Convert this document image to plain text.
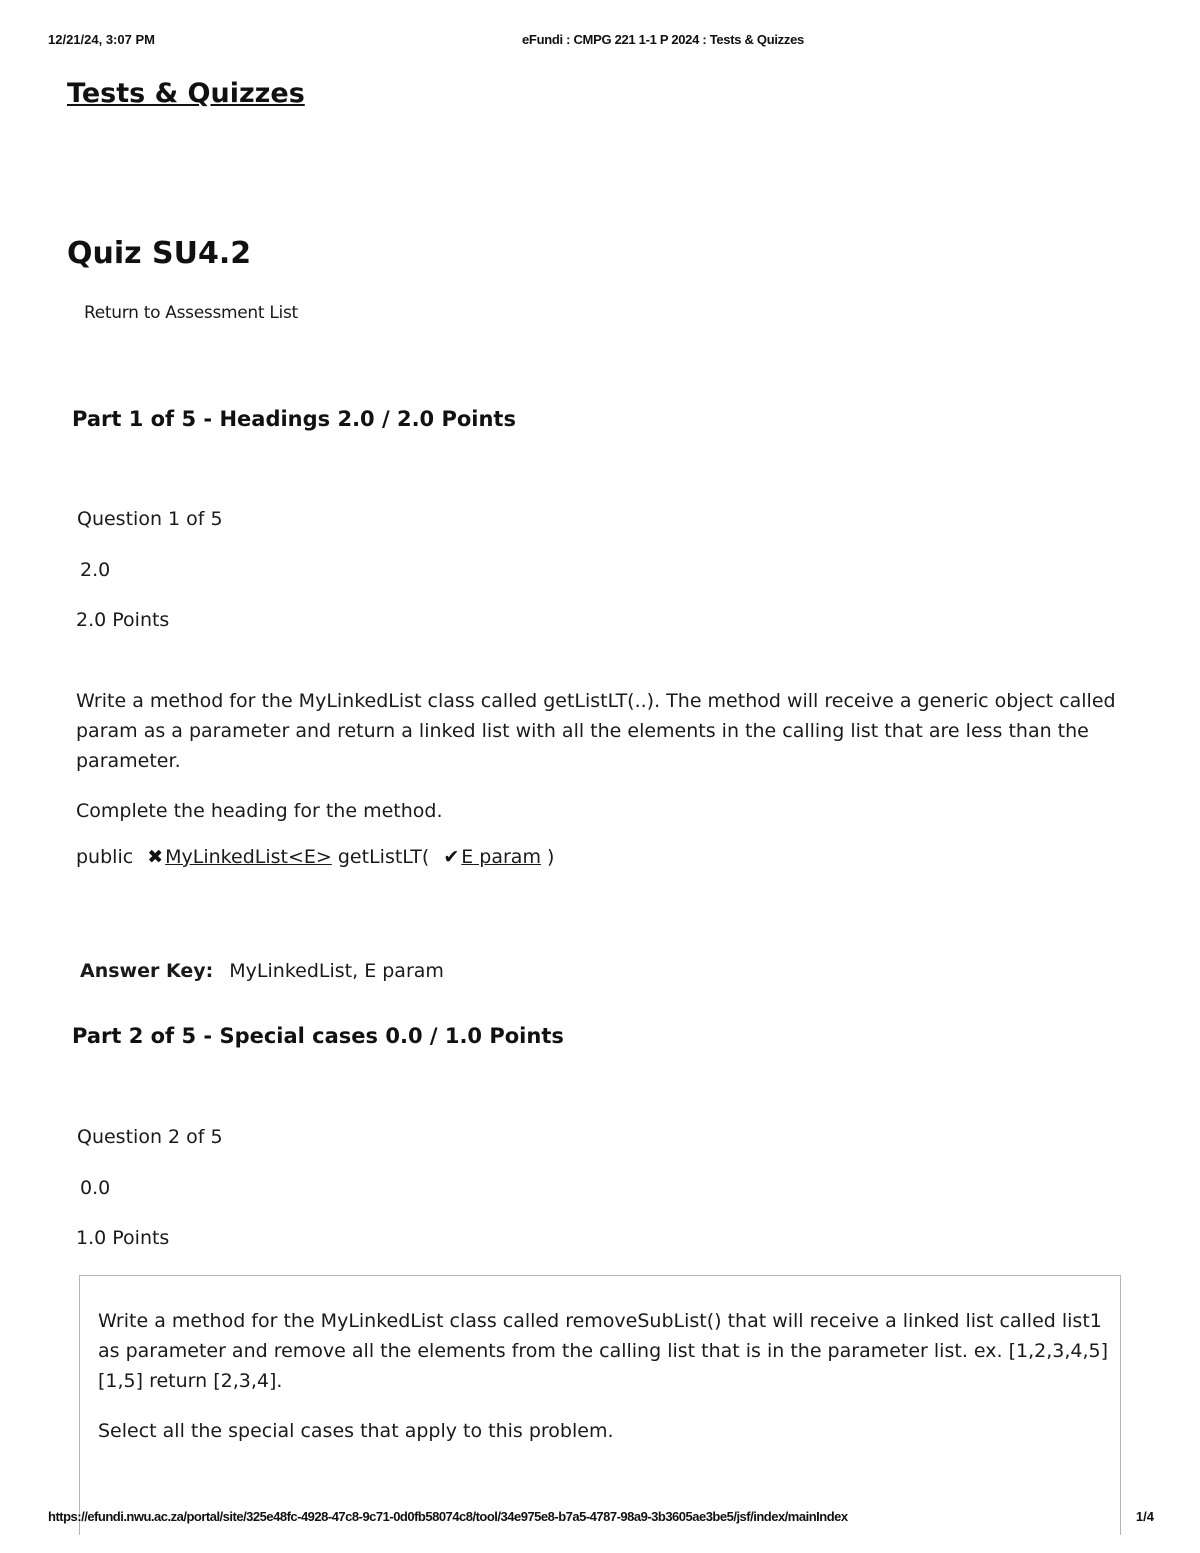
12/21/24, 3:07 PM	eFundi : CMPG 221 1-1 P 2024 : Tests & Quizzes
Tests & Quizzes
Quiz SU4.2
Return to Assessment List
Part 1 of 5 - Headings 2.0 / 2.0 Points
Question 1 of 5
2.0
2.0 Points

Write a method for the MyLinkedList class called getListLT(..). The method will receive a generic object called param as a parameter and return a linked list with all the elements in the calling list that are less than the parameter.

Complete the heading for the method.

public ✖ MyLinkedList<E> getListLT( ✔ E param )
Answer Key: MyLinkedList, E param
Part 2 of 5 - Special cases 0.0 / 1.0 Points
Question 2 of 5
0.0
1.0 Points

Write a method for the MyLinkedList class called removeSubList() that will receive a linked list called list1 as parameter and remove all the elements from the calling list that is in the parameter list. ex. [1,2,3,4,5] [1,5] return [2,3,4].

Select all the special cases that apply to this problem.

https://efundi.nwu.ac.za/portal/site/325e48fc-4928-47c8-9c71-0d0fb58074c8/tool/34e975e8-b7a5-4787-98a9-3b3605ae3be5/jsf/index/mainIndex	1/4
